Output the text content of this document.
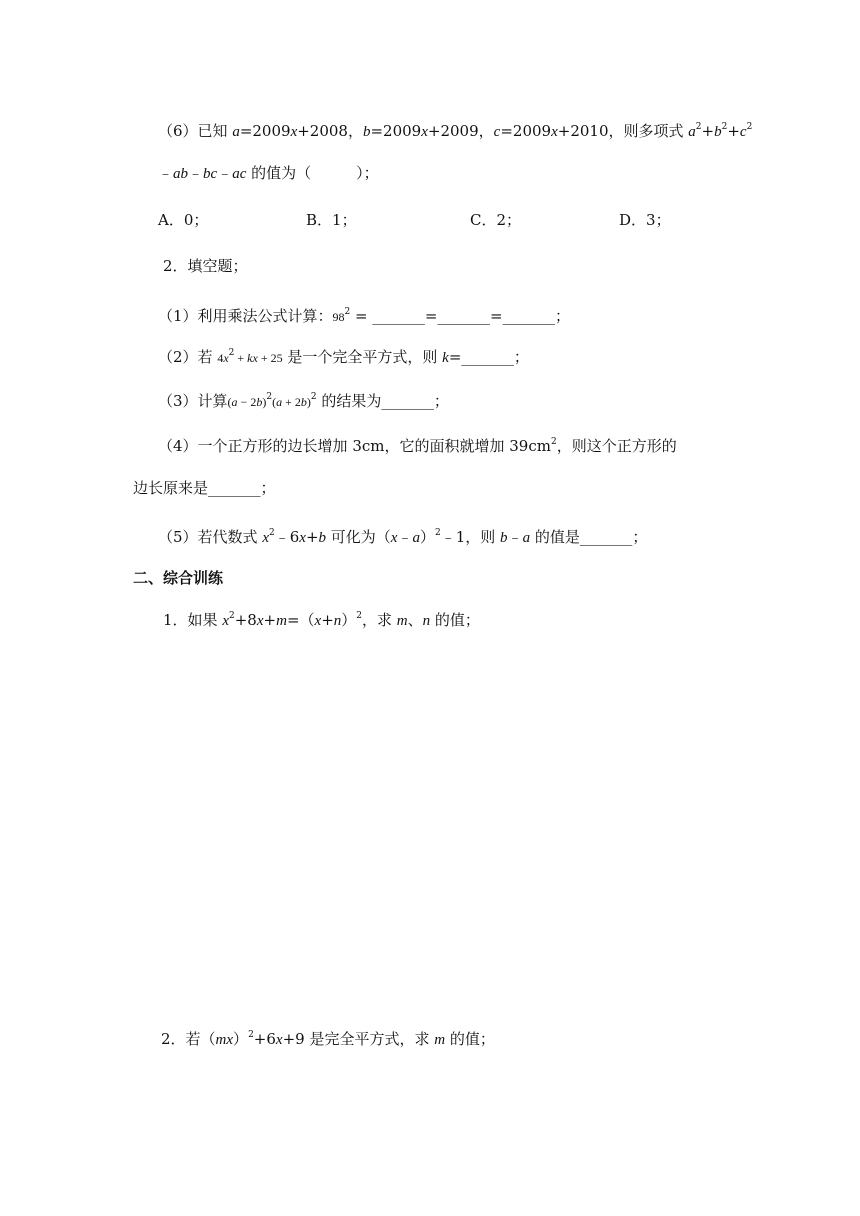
（6）已知 a=2009x+2008，b=2009x+2009，c=2009x+2010，则多项式 $a^2+b^2+c^2$
﹣ab﹣bc﹣ac 的值为（　　　）；
A．0；	B．1；	C．2；	D．3；
2．填空题；
（1）利用乘法公式计算：$98^2$ = _______=_______=_______；
（2）若 $4x^2$ + kx + 25 是一个完全平方式，则 k=_______；
（3）计算$(a - 2b)^2(a + 2b)^2$ 的结果为_______；
（4）一个正方形的边长增加 3cm，它的面积就增加 $39cm^2$，则这个正方形的
边长原来是_______；
（5）若代数式 $x^2﹣6x+b$ 可化为（x﹣a）$^2$﹣1，则 b﹣a 的值是_______；
二、综合训练
1．如果 $x^2+8x+m=(x+n)^2$，求 m、n 的值；
2．若（mx）$^2$+6x+9 是完全平方式，求 m 的值；
